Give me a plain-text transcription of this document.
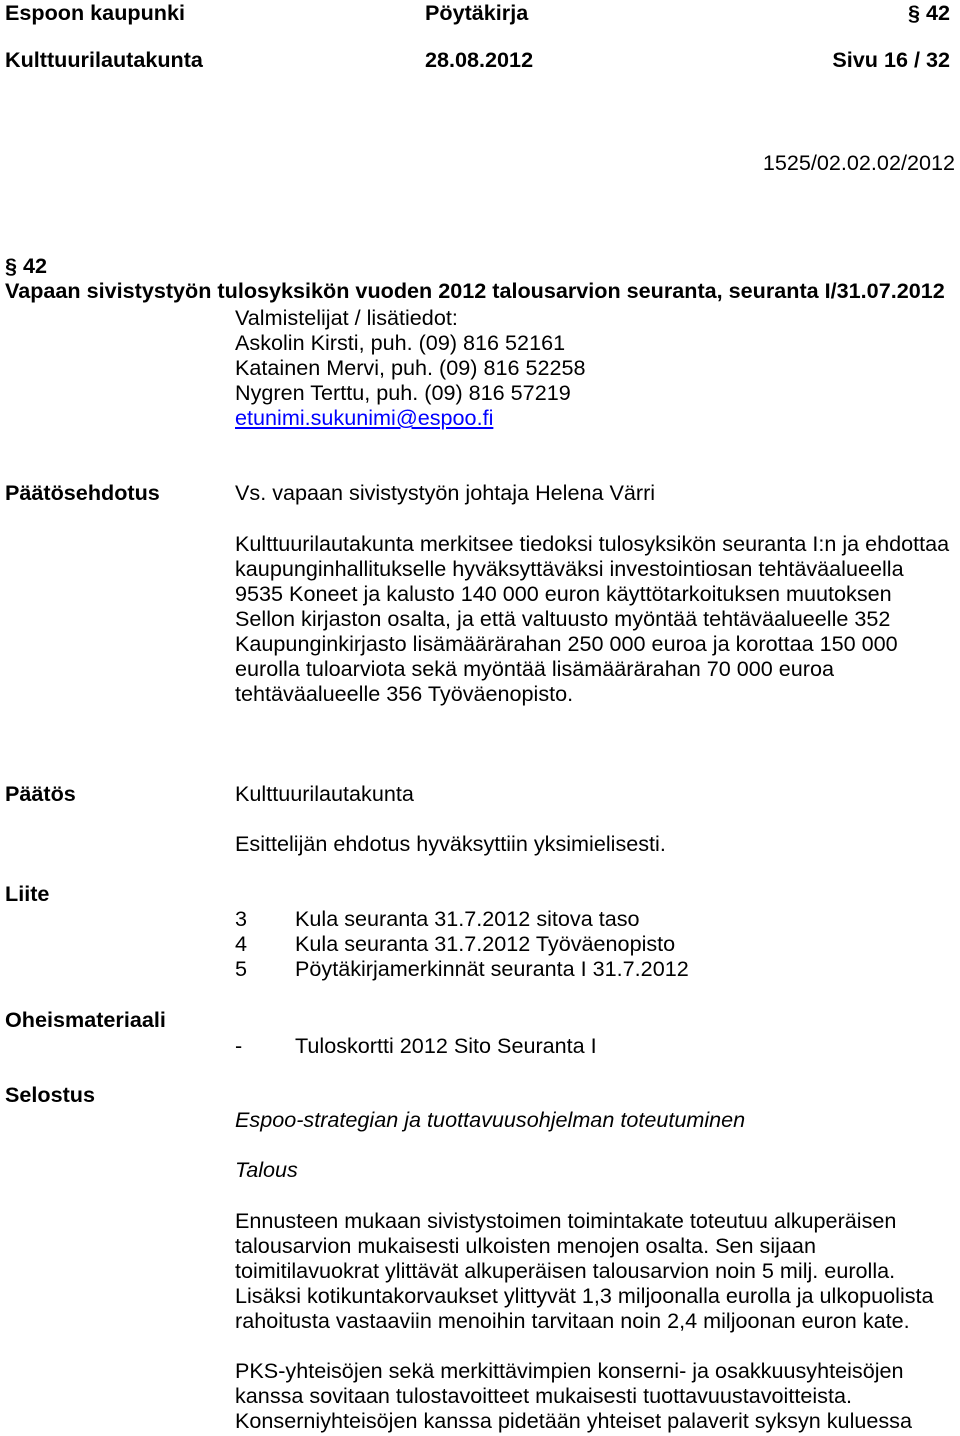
Espoon kaupunki	Pöytäkirja	§ 42
Kulttuurilautakunta	28.08.2012	Sivu 16 / 32
1525/02.02.02/2012
§ 42
Vapaan sivistystyön tulosyksikön vuoden 2012 talousarvion seuranta, seuranta I/31.07.2012
Valmistelijat / lisätiedot:
Askolin Kirsti, puh. (09) 816 52161
Katainen Mervi, puh. (09) 816 52258
Nygren Terttu, puh. (09) 816 57219
etunimi.sukunimi@espoo.fi
Päätösehdotus	Vs. vapaan sivistystyön johtaja Helena Värri
Kulttuurilautakunta merkitsee tiedoksi tulosyksikön seuranta I:n ja ehdottaa
kaupunginhallitukselle hyväksyttäväksi investointiosan tehtäväalueella
9535 Koneet ja kalusto 140 000 euron käyttötarkoituksen muutoksen
Sellon kirjaston osalta, ja että valtuusto myöntää tehtäväalueelle 352
Kaupunginkirjasto lisämäärärahan 250 000 euroa ja korottaa 150 000
eurolla tuloarviota sekä myöntää lisämäärärahan 70 000 euroa
tehtäväalueelle 356 Työväenopisto.
Päätös	Kulttuurilautakunta
Esittelijän ehdotus hyväksyttiin yksimielisesti.
Liite
3 Kula seuranta 31.7.2012 sitova taso
4 Kula seuranta 31.7.2012 Työväenopisto
5 Pöytäkirjamerkinnät seuranta I 31.7.2012
Oheismateriaali
- Tuloskortti 2012 Sito Seuranta I
Selostus
Espoo-strategian ja tuottavuusohjelman toteutuminen
Talous
Ennusteen mukaan sivistystoimen toimintakate toteutuu alkuperäisen
talousarvion mukaisesti ulkoisten menojen osalta. Sen sijaan
toimitilavuokrat ylittävät alkuperäisen talousarvion noin 5 milj. eurolla.
Lisäksi kotikuntakorvaukset ylittyvät 1,3 miljoonalla eurolla ja ulkopuolista
rahoitusta vastaaviin menoihin tarvitaan noin 2,4 miljoonan euron kate.
PKS-yhteisöjen sekä merkittävimpien konserni- ja osakkuusyhteisöjen
kanssa sovitaan tulostavoitteet mukaisesti tuottavuustavoitteista.
Konserniyhteisöjen kanssa pidetään yhteiset palaverit syksyn kuluessa
